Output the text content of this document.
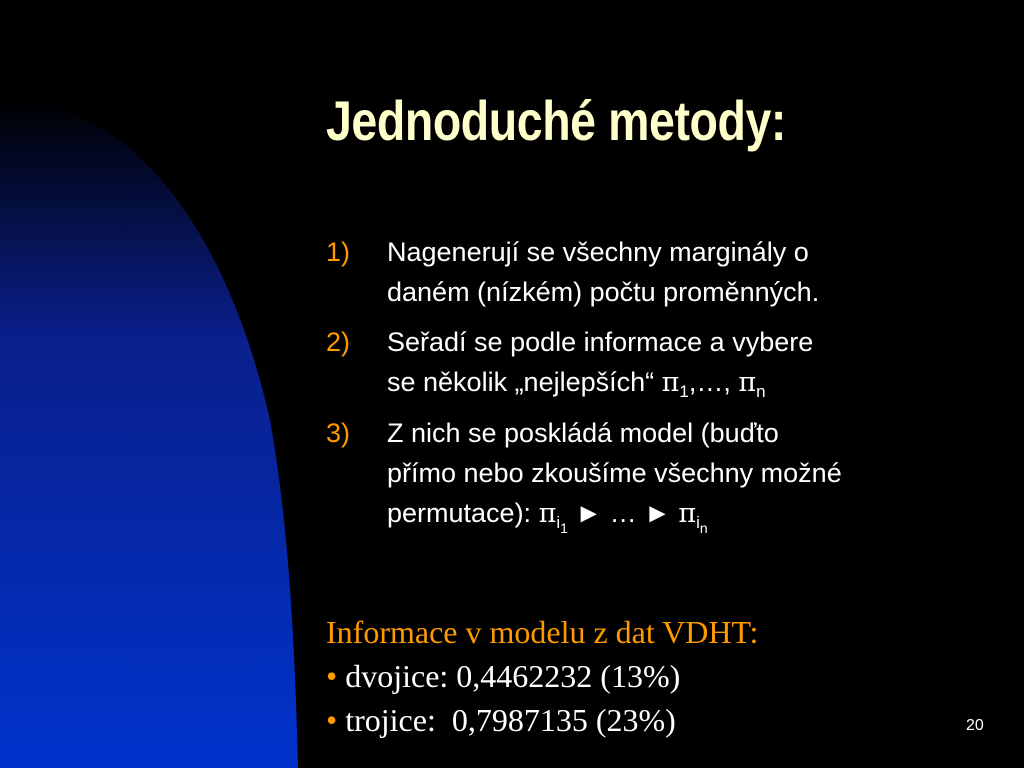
Jednoduché metody:
1) Nagenerují se všechny marginály o
daném (nízkém) počtu proměnných.
2) Seřadí se podle informace a vybere
se několik „nejlepších“ $\pi_1,\dots$, $\pi_n$
3) Z nich se poskládá model (buďto
přímo nebo zkoušíme všechny možné
permutace): $\pi_{i_1}$ ► … ► $\pi_{i_n}$
Informace v modelu z dat VDHT:
• dvojice: 0,4462232 (13%)
• trojice:  0,7987135 (23%)	20
